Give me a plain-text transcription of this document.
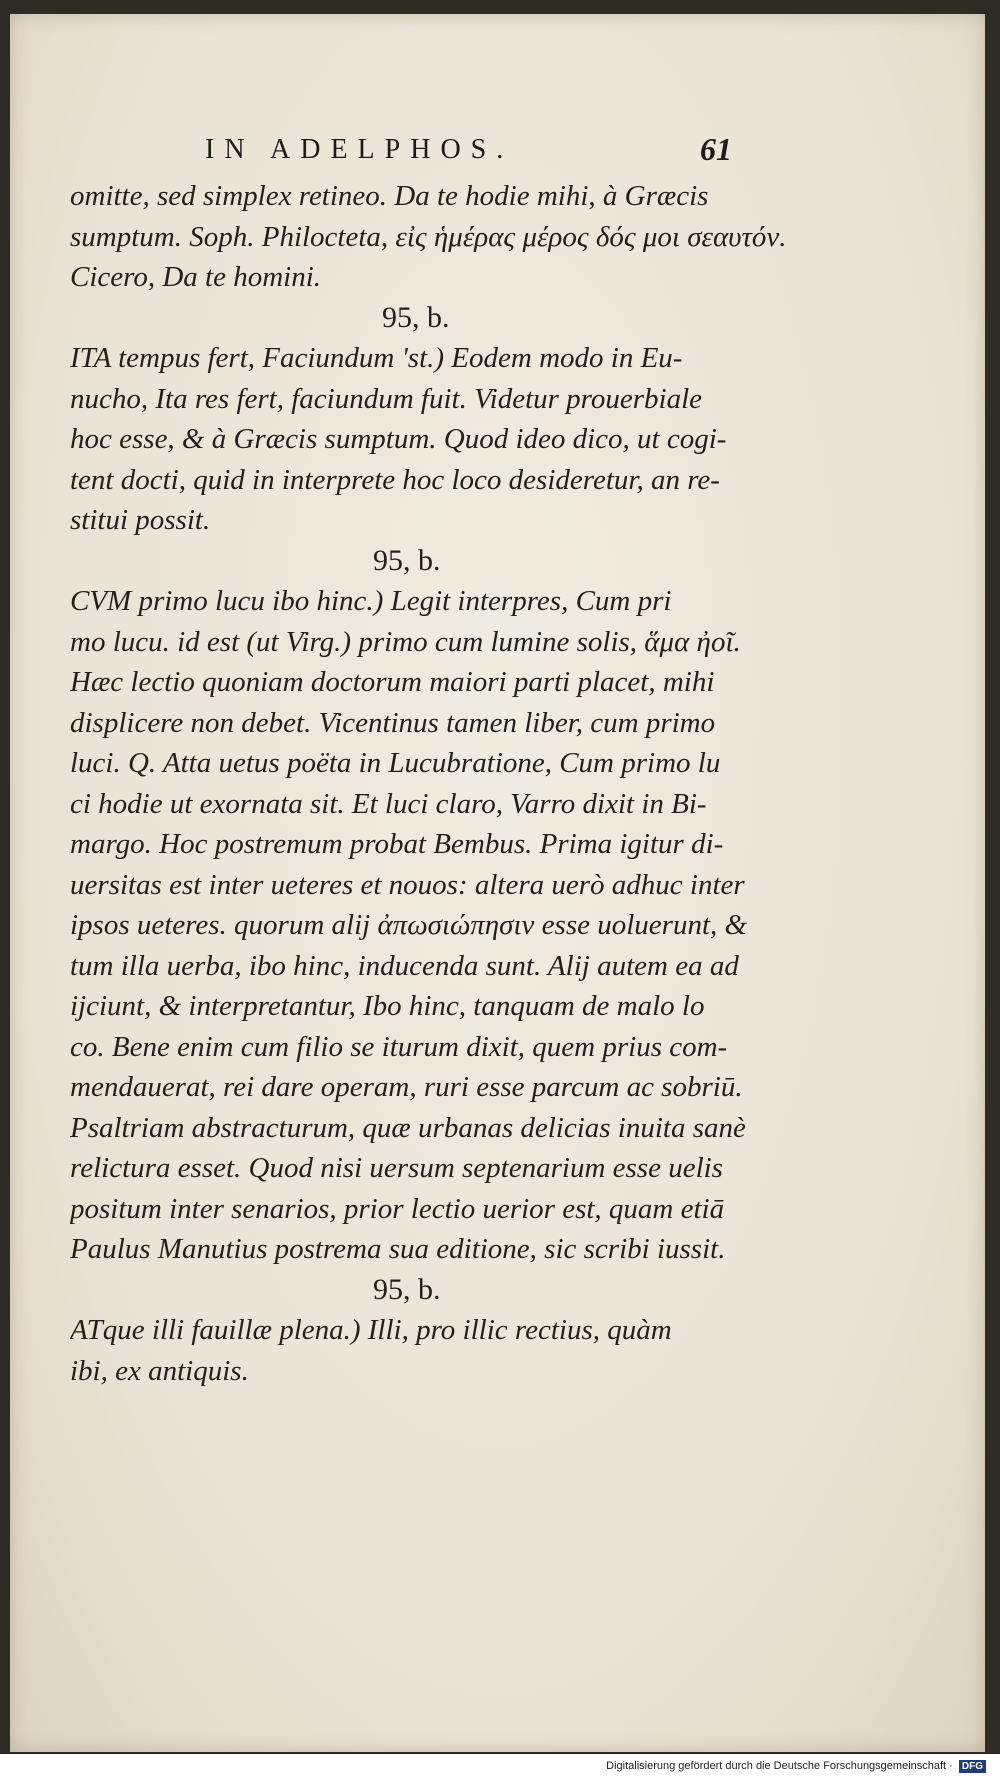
IN ADELPHOS.	61
omitte, sed simplex retineo. Da te hodie mihi, à Græcis
sumptum. Soph. Philocteta, εἰς ἡμέρας μέρος δός μοι σεαυτόν.
Cicero, Da te homini.
95, b.
ITA tempus fert, Faciundum 'st.) Eodem modo in Eu-
nucho, Ita res fert, faciundum fuit. Videtur prouerbiale
hoc esse, & à Græcis sumptum. Quod ideo dico, ut cogi-
tent docti, quid in interprete hoc loco desideretur, an re-
stitui possit.
95, b.
CVM primo lucu ibo hinc.) Legit interpres, Cum pri
mo lucu. id est (ut Virg.) primo cum lumine solis, ἅμα ἠοῖ.
Hæc lectio quoniam doctorum maiori parti placet, mihi
displicere non debet. Vicentinus tamen liber, cum primo
luci. Q. Atta uetus poëta in Lucubratione, Cum primo lu
ci hodie ut exornata sit. Et luci claro, Varro dixit in Bi-
margo. Hoc postremum probat Bembus. Prima igitur di-
uersitas est inter ueteres et nouos: altera uerò adhuc inter
ipsos ueteres. quorum alij ἀπωσιώπησιν esse uoluerunt, &
tum illa uerba, ibo hinc, inducenda sunt. Alij autem ea ad
ijciunt, & interpretantur, Ibo hinc, tanquam de malo lo
co. Bene enim cum filio se iturum dixit, quem prius com-
mendauerat, rei dare operam, ruri esse parcum ac sobriū.
Psaltriam abstracturum, quæ urbanas delicias inuita sanè
relictura esset. Quod nisi uersum septenarium esse uelis
positum inter senarios, prior lectio uerior est, quam etiā
Paulus Manutius postrema sua editione, sic scribi iussit.
95, b.
ATque illi fauillæ plena.) Illi, pro illic rectius, quàm
ibi, ex antiquis.
Digitalisierung gefördert durch die Deutsche Forschungsgemeinschaft · DFG
